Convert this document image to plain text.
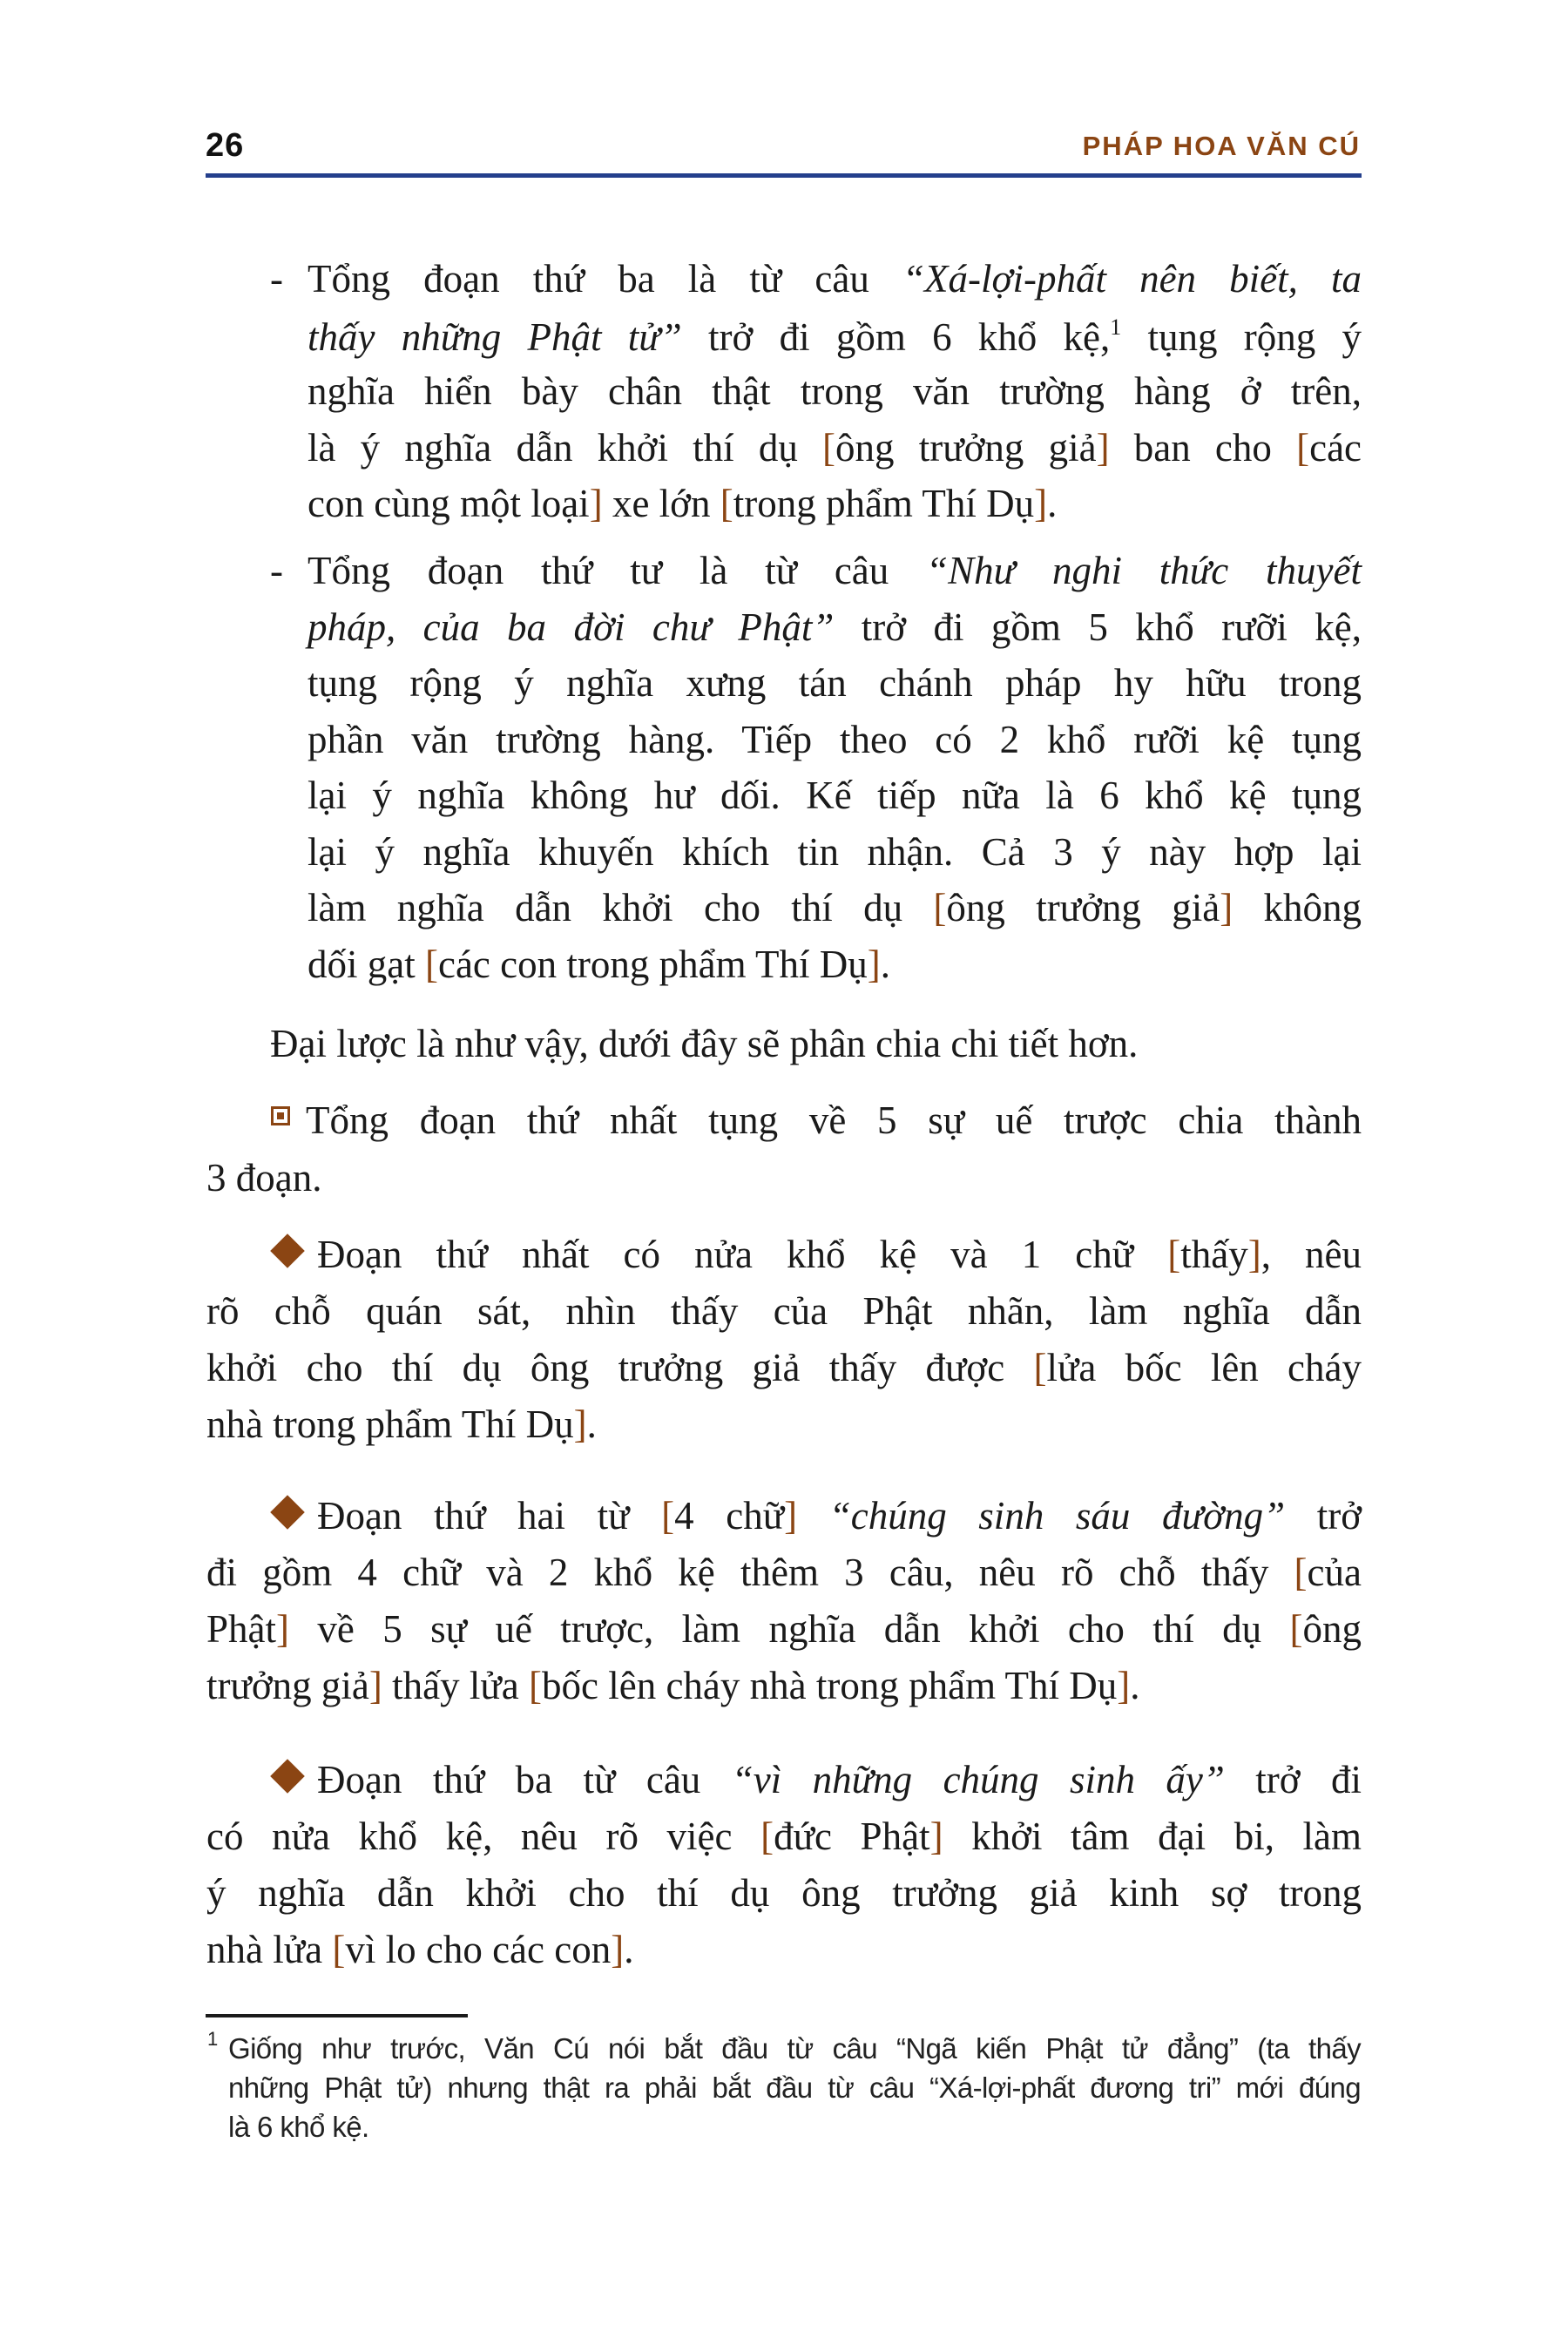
26	PHÁP HOA VĂN CÚ
- Tổng đoạn thứ ba là từ câu “Xá-lợi-phất nên biết, ta
thấy những Phật tử” trở đi gồm 6 khổ kệ,$^1$ tụng rộng ý
nghĩa hiển bày chân thật trong văn trường hàng ở trên,
là ý nghĩa dẫn khởi thí dụ [ông trưởng giả] ban cho [các
con cùng một loại] xe lớn [trong phẩm Thí Dụ].
- Tổng đoạn thứ tư là từ câu “Như nghi thức thuyết
pháp, của ba đời chư Phật” trở đi gồm 5 khổ rưỡi kệ,
tụng rộng ý nghĩa xưng tán chánh pháp hy hữu trong
phần văn trường hàng. Tiếp theo có 2 khổ rưỡi kệ tụng
lại ý nghĩa không hư dối. Kế tiếp nữa là 6 khổ kệ tụng
lại ý nghĩa khuyến khích tin nhận. Cả 3 ý này hợp lại
làm nghĩa dẫn khởi cho thí dụ [ông trưởng giả] không
dối gạt [các con trong phẩm Thí Dụ].
Đoạn thứ nhất có nửa khổ kệ và 1 chữ [thấy], nêu
rõ chỗ quán sát, nhìn thấy của Phật nhãn, làm nghĩa dẫn
khởi cho thí dụ ông trưởng giả thấy được [lửa bốc lên cháy
nhà trong phẩm Thí Dụ].
Đoạn thứ hai từ [4 chữ] “chúng sinh sáu đường” trở
đi gồm 4 chữ và 2 khổ kệ thêm 3 câu, nêu rõ chỗ thấy [của
Phật] về 5 sự uế trược, làm nghĩa dẫn khởi cho thí dụ [ông
trưởng giả] thấy lửa [bốc lên cháy nhà trong phẩm Thí Dụ].
Đoạn thứ ba từ câu “vì những chúng sinh ấy” trở đi
có nửa khổ kệ, nêu rõ việc [đức Phật] khởi tâm đại bi, làm
ý nghĩa dẫn khởi cho thí dụ ông trưởng giả kinh sợ trong
nhà lửa [vì lo cho các con].
Đại lược là như vậy, dưới đây sẽ phân chia chi tiết hơn.
Tổng đoạn thứ nhất tụng về 5 sự uế trược chia thành
3 đoạn.
1 Giống như trước, Văn Cú nói bắt đầu từ câu “Ngã kiến Phật tử đẳng” (ta thấy
những Phật tử) nhưng thật ra phải bắt đầu từ câu “Xá-lợi-phất đương tri” mới đúng
là 6 khổ kệ.
